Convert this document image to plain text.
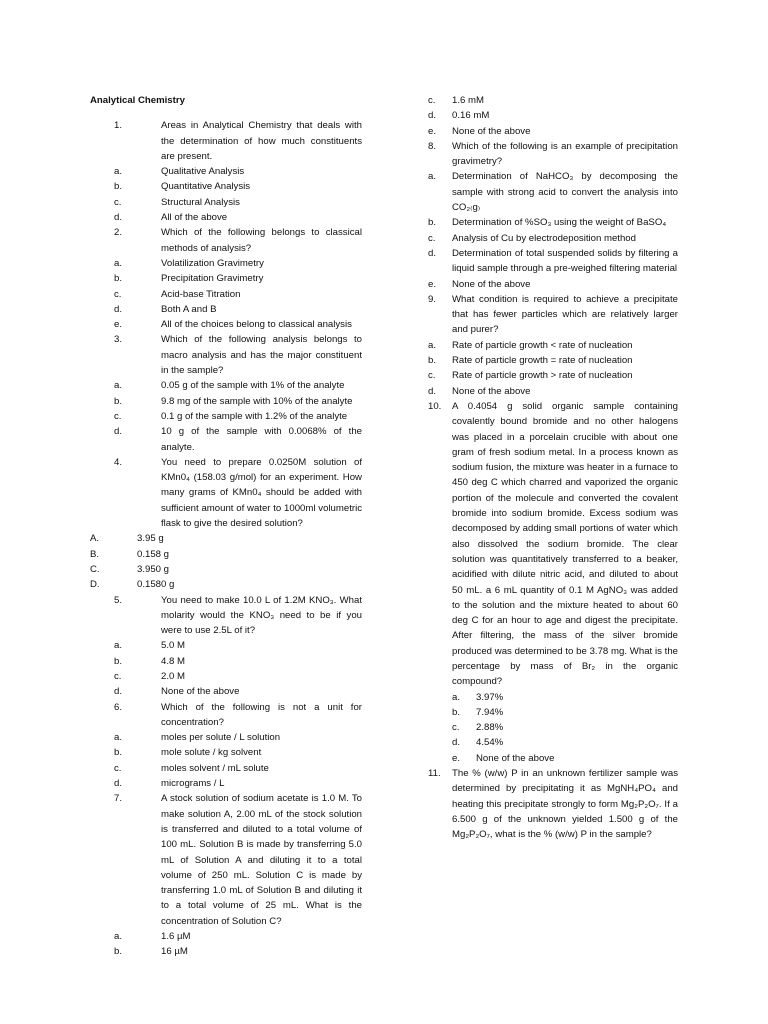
Analytical Chemistry
1.	Areas in Analytical Chemistry that deals with the determination of how much constituents are present.
a.	Qualitative Analysis
b.	Quantitative Analysis
c.	Structural Analysis
d.	All of the above
2.	Which of the following belongs to classical methods of analysis?
a.	Volatilization Gravimetry
b.	Precipitation Gravimetry
c.	Acid-base Titration
d.	Both A and B
e.	All of the choices belong to classical analysis
3.	Which of the following analysis belongs to macro analysis and has the major constituent in the sample?
a.	0.05 g of the sample with 1% of the analyte
b.	9.8 mg of the sample with 10% of the analyte
c.	0.1 g of the sample with 1.2% of the analyte
d.	10 g of the sample with 0.0068% of the analyte.
4.	You need to prepare 0.0250M solution of KMn0₄ (158.03 g/mol) for an experiment. How many grams of KMn0₄ should be added with sufficient amount of water to 1000ml volumetric flask to give the desired solution?
A.	3.95 g
B.	0.158 g
C.	3.950 g
D.	0.1580 g
5.	You need to make 10.0 L of 1.2M KNO₃. What molarity would the KNO₃ need to be if you were to use 2.5L of it?
a.	5.0 M
b.	4.8 M
c.	2.0 M
d.	None of the above
6.	Which of the following is not a unit for concentration?
a.	moles per solute / L solution
b.	mole solute / kg solvent
c.	moles solvent / mL solute
d.	micrograms / L
7.	A stock solution of sodium acetate is 1.0 M. To make solution A, 2.00 mL of the stock solution is transferred and diluted to a total volume of 100 mL. Solution B is made by transferring 5.0 mL of Solution A and diluting it to a total volume of 250 mL. Solution C is made by transferring 1.0 mL of Solution B and diluting it to a total volume of 25 mL. What is the concentration of Solution C?
a.	1.6 µM
b.	16 µM
c.	1.6 mM
d.	0.16 mM
e.	None of the above
8.	Which of the following is an example of precipitation gravimetry?
a.	Determination of NaHCO₃ by decomposing the sample with strong acid to convert the analysis into CO₂₍g₎
b.	Determination of %SO₃ using the weight of BaSO₄
c.	Analysis of Cu by electrodeposition method
d.	Determination of total suspended solids by filtering a liquid sample through a pre-weighed filtering material
e.	None of the above
9.	What condition is required to achieve a precipitate that has fewer particles which are relatively larger and purer?
a.	Rate of particle growth < rate of nucleation
b.	Rate of particle growth = rate of nucleation
c.	Rate of particle growth > rate of nucleation
d.	None of the above
10.	A 0.4054 g solid organic sample containing covalently bound bromide and no other halogens was placed in a porcelain crucible with about one gram of fresh sodium metal. In a process known as sodium fusion, the mixture was heater in a furnace to 450 deg C which charred and vaporized the organic portion of the molecule and converted the covalent bromide into sodium bromide. Excess sodium was decomposed by adding small portions of water which also dissolved the sodium bromide. The clear solution was quantitatively transferred to a beaker, acidified with dilute nitric acid, and diluted to about 50 mL. a 6 mL quantity of 0.1 M AgNO₃ was added to the solution and the mixture heated to about 60 deg C for an hour to age and digest the precipitate. After filtering, the mass of the silver bromide produced was determined to be 3.78 mg. What is the percentage by mass of Br₂ in the organic compound?
a.	3.97%
b.	7.94%
c.	2.88%
d.	4.54%
e.	None of the above
11.	The % (w/w) P in an unknown fertilizer sample was determined by precipitating it as MgNH₄PO₄ and heating this precipitate strongly to form Mg₂P₂O₇. If a 6.500 g of the unknown yielded 1.500 g of the Mg₂P₂O₇, what is the % (w/w) P in the sample?
